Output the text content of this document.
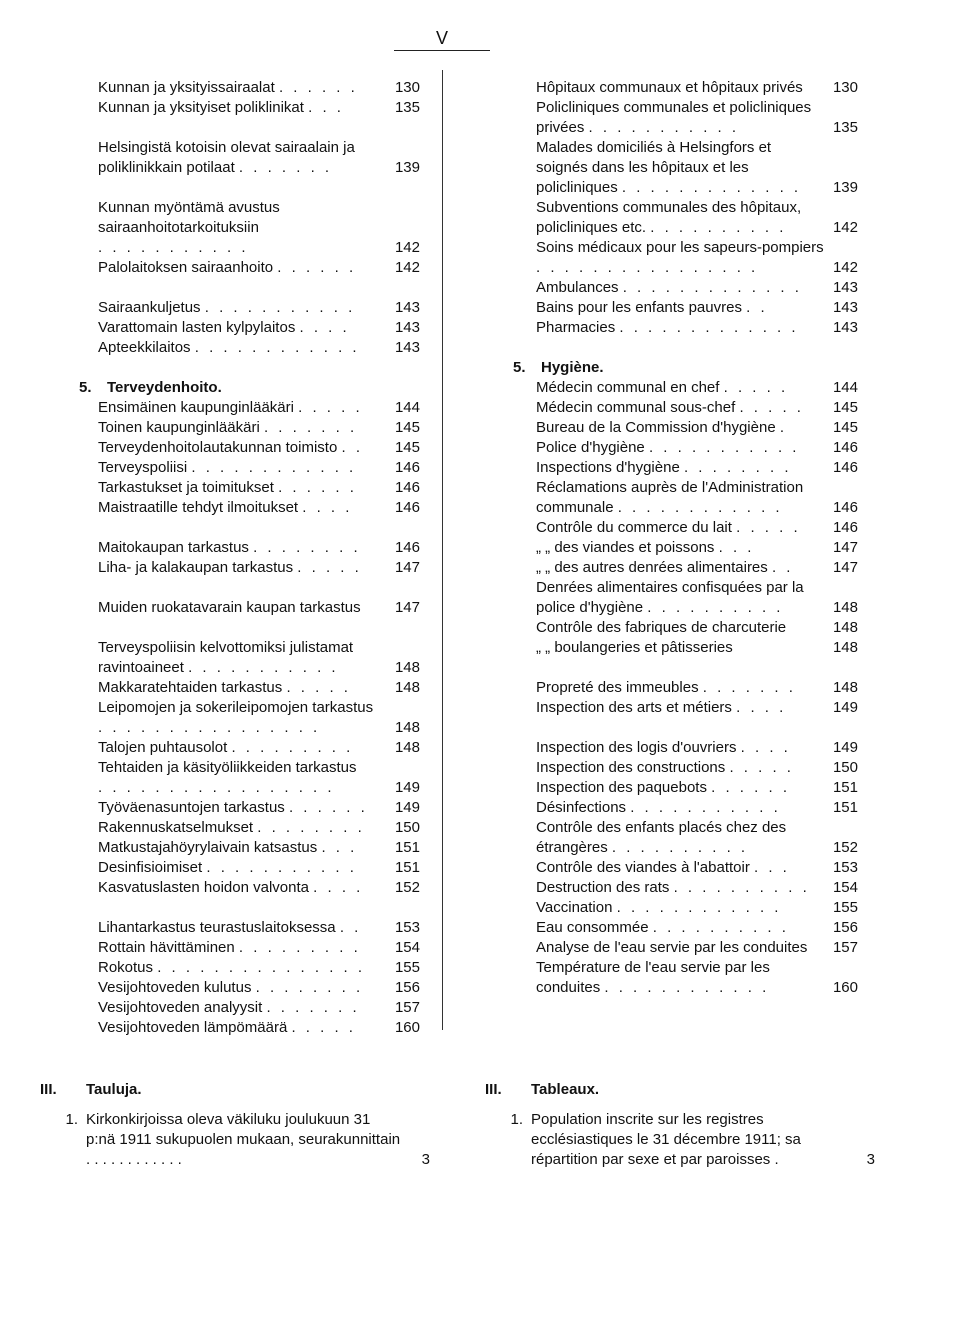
V
Kunnan ja yksityissairaalat . . . . . .	130
Kunnan ja yksityiset poliklinikat . . .	135
Helsingistä kotoisin olevat sairaalain ja poliklinikkain potilaat . . . . . . .	139
Kunnan myöntämä avustus sairaanhoitotarkoituksiin . . . . . . . . . . .	142
Palolaitoksen sairaanhoito . . . . . .	142
Sairaankuljetus . . . . . . . . . . .	143
Varattomain lasten kylpylaitos . . . .	143
Apteekkilaitos . . . . . . . . . . . .	143
5. Terveydenhoito.
Ensimäinen kaupunginlääkäri . . . . .	144
Toinen kaupunginlääkäri . . . . . . .	145
Terveydenhoitolautakunnan toimisto . .	145
Terveyspoliisi . . . . . . . . . . . .	146
Tarkastukset ja toimitukset . . . . . .	146
Maistraatille tehdyt ilmoitukset . . . .	146
Maitokaupan tarkastus . . . . . . . .	146
Liha- ja kalakaupan tarkastus . . . . .	147
Muiden ruokatavarain kaupan tarkastus	147
Terveyspoliisin kelvottomiksi julistamat ravintoaineet . . . . . . . . . . .	148
Makkaratehtaiden tarkastus . . . . .	148
Leipomojen ja sokerileipomojen tarkastus . . . . . . . . . . . . . . . .	148
Talojen puhtausolot . . . . . . . . .	148
Tehtaiden ja käsityöliikkeiden tarkastus . . . . . . . . . . . . . . . . .	149
Työväenasuntojen tarkastus . . . . . .	149
Rakennuskatselmukset . . . . . . . .	150
Matkustajahöyrylaivain katsastus . . .	151
Desinfisioimiset . . . . . . . . . . .	151
Kasvatuslasten hoidon valvonta . . . .	152
Lihantarkastus teurastuslaitoksessa . .	153
Rottain hävittäminen . . . . . . . . .	154
Rokotus . . . . . . . . . . . . . . .	155
Vesijohtoveden kulutus . . . . . . . .	156
Vesijohtoveden analyysit . . . . . . .	157
Vesijohtoveden lämpömäärä . . . . .	160
Hôpitaux communaux et hôpitaux privés	130
Policliniques communales et policliniques privées . . . . . . . . . . .	135
Malades domiciliés à Helsingfors et soignés dans les hôpitaux et les policliniques . . . . . . . . . . . . .	139
Subventions communales des hôpitaux, policliniques etc. . . . . . . . . . .	142
Soins médicaux pour les sapeurs-pompiers . . . . . . . . . . . . . . . .	142
Ambulances . . . . . . . . . . . . .	143
Bains pour les enfants pauvres . .	143
Pharmacies . . . . . . . . . . . . .	143
5. Hygiène.
Médecin communal en chef . . . . .	144
Médecin communal sous-chef . . . . .	145
Bureau de la Commission d'hygiène .	145
Police d'hygiène . . . . . . . . . . .	146
Inspections d'hygiène . . . . . . . .	146
Réclamations auprès de l'Administration communale . . . . . . . . . . . .	146
Contrôle du commerce du lait . . . . .	146
„ „ des viandes et poissons . . .	147
„ „ des autres denrées alimentaires . .	147
Denrées alimentaires confisquées par la police d'hygiène . . . . . . . . . .	148
Contrôle des fabriques de charcuterie	148
„ „ boulangeries et pâtisseries	148
Propreté des immeubles . . . . . . .	148
Inspection des arts et métiers . . . .	149
Inspection des logis d'ouvriers . . . .	149
Inspection des constructions . . . . .	150
Inspection des paquebots . . . . . .	151
Désinfections . . . . . . . . . . .	151
Contrôle des enfants placés chez des étrangères . . . . . . . . . .	152
Contrôle des viandes à l'abattoir . . .	153
Destruction des rats . . . . . . . . . .	154
Vaccination . . . . . . . . . . . .	155
Eau consommée . . . . . . . . . .	156
Analyse de l'eau servie par les conduites	157
Température de l'eau servie par les conduites . . . . . . . . . . . .	160
III. Tauluja.
1. Kirkonkirjoissa oleva väkiluku joulukuun 31 p:nä 1911 sukupuolen mukaan, seurakunnittain . . . . . . . . . . . .	3
III. Tableaux.
1. Population inscrite sur les registres ecclésiastiques le 31 décembre 1911; sa répartition par sexe et par paroisses .	3
